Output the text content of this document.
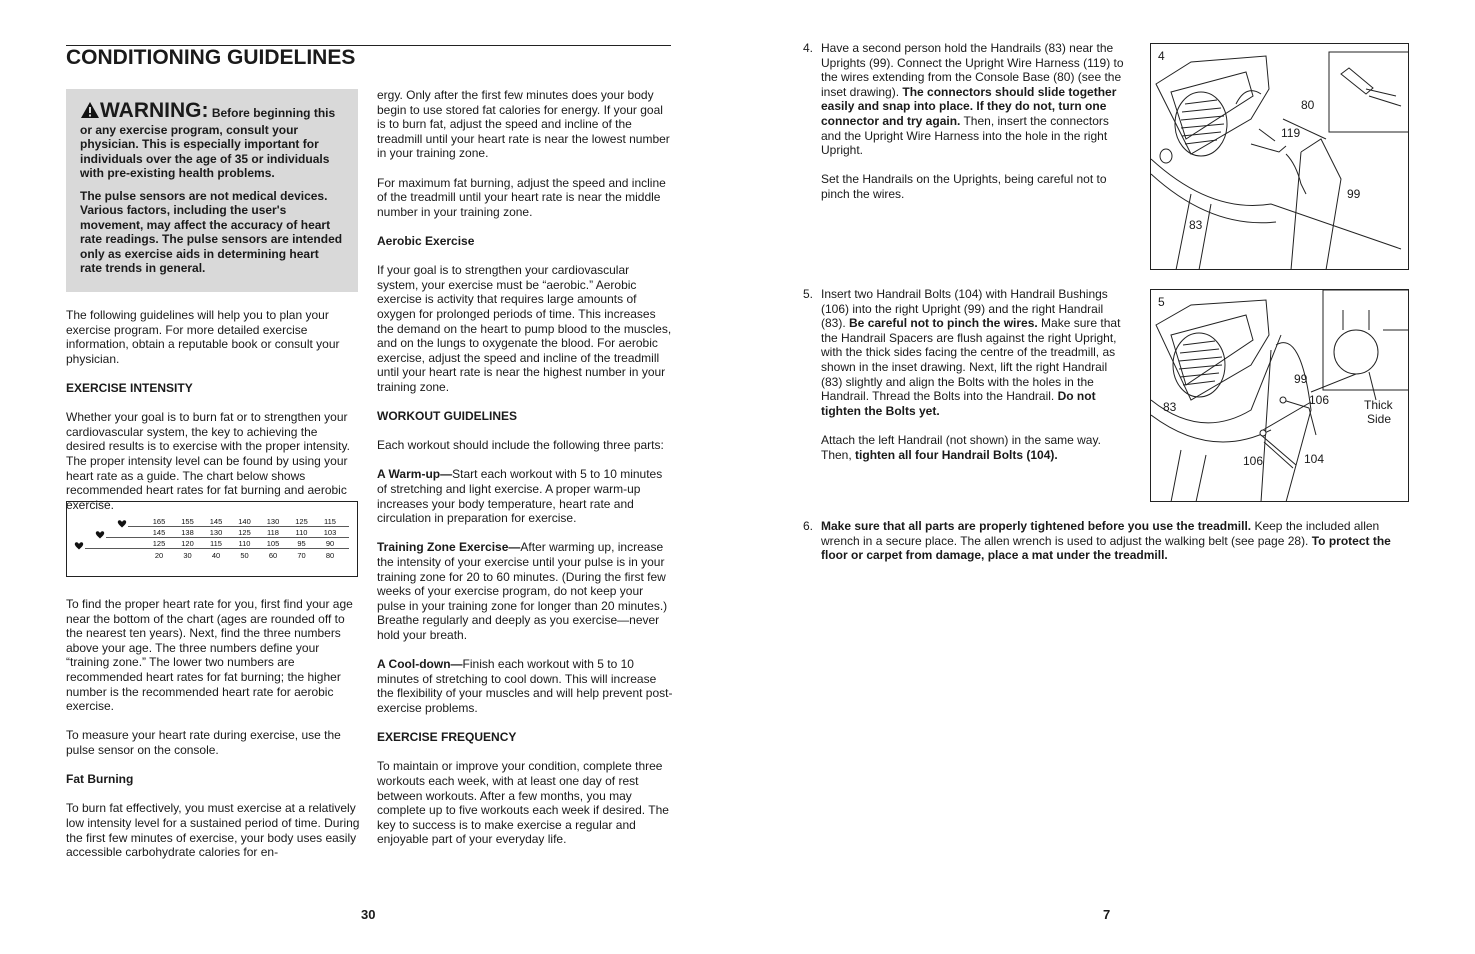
CONDITIONING GUIDELINES

WARNING: Before beginning this or any exercise program, consult your physician. This is especially important for individuals over the age of 35 or individuals with pre-existing health problems.

The pulse sensors are not medical devices. Various factors, including the user's movement, may affect the accuracy of heart rate readings. The pulse sensors are intended only as exercise aids in determining heart rate trends in general.

The following guidelines will help you to plan your exercise program. For more detailed exercise information, obtain a reputable book or consult your physician.

EXERCISE INTENSITY

Whether your goal is to burn fat or to strengthen your cardiovascular system, the key to achieving the desired results is to exercise with the proper intensity. The proper intensity level can be found by using your heart rate as a guide. The chart below shows recommended heart rates for fat burning and aerobic exercise.

165 155 145 140 130 125 115
145 138 130 125 118 110 103
125 120 115 110 105 95	90
20	30	40	50	60	70	80

To find the proper heart rate for you, first find your age near the bottom of the chart (ages are rounded off to the nearest ten years). Next, find the three numbers above your age. The three numbers define your “training zone.” The lower two numbers are recommended heart rates for fat burning; the higher number is the recommended heart rate for aerobic exercise.

To measure your heart rate during exercise, use the pulse sensor on the console.

Fat Burning

To burn fat effectively, you must exercise at a relatively low intensity level for a sustained period of time. During the first few minutes of exercise, your body uses easily accessible carbohydrate calories for en-

ergy. Only after the first few minutes does your body begin to use stored fat calories for energy. If your goal is to burn fat, adjust the speed and incline of the treadmill until your heart rate is near the lowest number in your training zone.

For maximum fat burning, adjust the speed and incline of the treadmill until your heart rate is near the middle number in your training zone.

Aerobic Exercise

If your goal is to strengthen your cardiovascular system, your exercise must be “aerobic.” Aerobic exercise is activity that requires large amounts of oxygen for prolonged periods of time. This increases the demand on the heart to pump blood to the muscles, and on the lungs to oxygenate the blood. For aerobic exercise, adjust the speed and incline of the treadmill until your heart rate is near the highest number in your training zone.

WORKOUT GUIDELINES

Each workout should include the following three parts:

A Warm-up—Start each workout with 5 to 10 minutes of stretching and light exercise. A proper warm-up increases your body temperature, heart rate and circulation in preparation for exercise.

Training Zone Exercise—After warming up, increase the intensity of your exercise until your pulse is in your training zone for 20 to 60 minutes. (During the first few weeks of your exercise program, do not keep your pulse in your training zone for longer than 20 minutes.) Breathe regularly and deeply as you exercise—never hold your breath.

A Cool-down—Finish each workout with 5 to 10 minutes of stretching to cool down. This will increase the flexibility of your muscles and will help prevent post-exercise problems.

EXERCISE FREQUENCY

To maintain or improve your condition, complete three workouts each week, with at least one day of rest between workouts. After a few months, you may complete up to five workouts each week if desired. The key to success is to make exercise a regular and enjoyable part of your everyday life.

30
4. Have a second person hold the Handrails (83) near the Uprights (99). Connect the Upright Wire Harness (119) to the wires extending from the Console Base (80) (see the inset drawing). The connectors should slide together easily and snap into place. If they do not, turn one connector and try again. Then, insert the connectors and the Upright Wire Harness into the hole in the right Upright.

Set the Handrails on the Uprights, being careful not to pinch the wires.

4
80
119
99
83
5. Insert two Handrail Bolts (104) with Handrail Bushings (106) into the right Upright (99) and the right Handrail (83). Be careful not to pinch the wires. Make sure that the Handrail Spacers are flush against the right Upright, with the thick sides facing the centre of the treadmill, as shown in the inset drawing. Next, lift the right Handrail (83) slightly and align the Bolts with the holes in the Handrail. Thread the Bolts into the Handrail. Do not tighten the Bolts yet.

Attach the left Handrail (not shown) in the same way. Then, tighten all four Handrail Bolts (104).

5
99
83	106
106	104
Thick
Side
6. Make sure that all parts are properly tightened before you use the treadmill. Keep the included allen wrench in a secure place. The allen wrench is used to adjust the walking belt (see page 28). To protect the floor or carpet from damage, place a mat under the treadmill.

7
